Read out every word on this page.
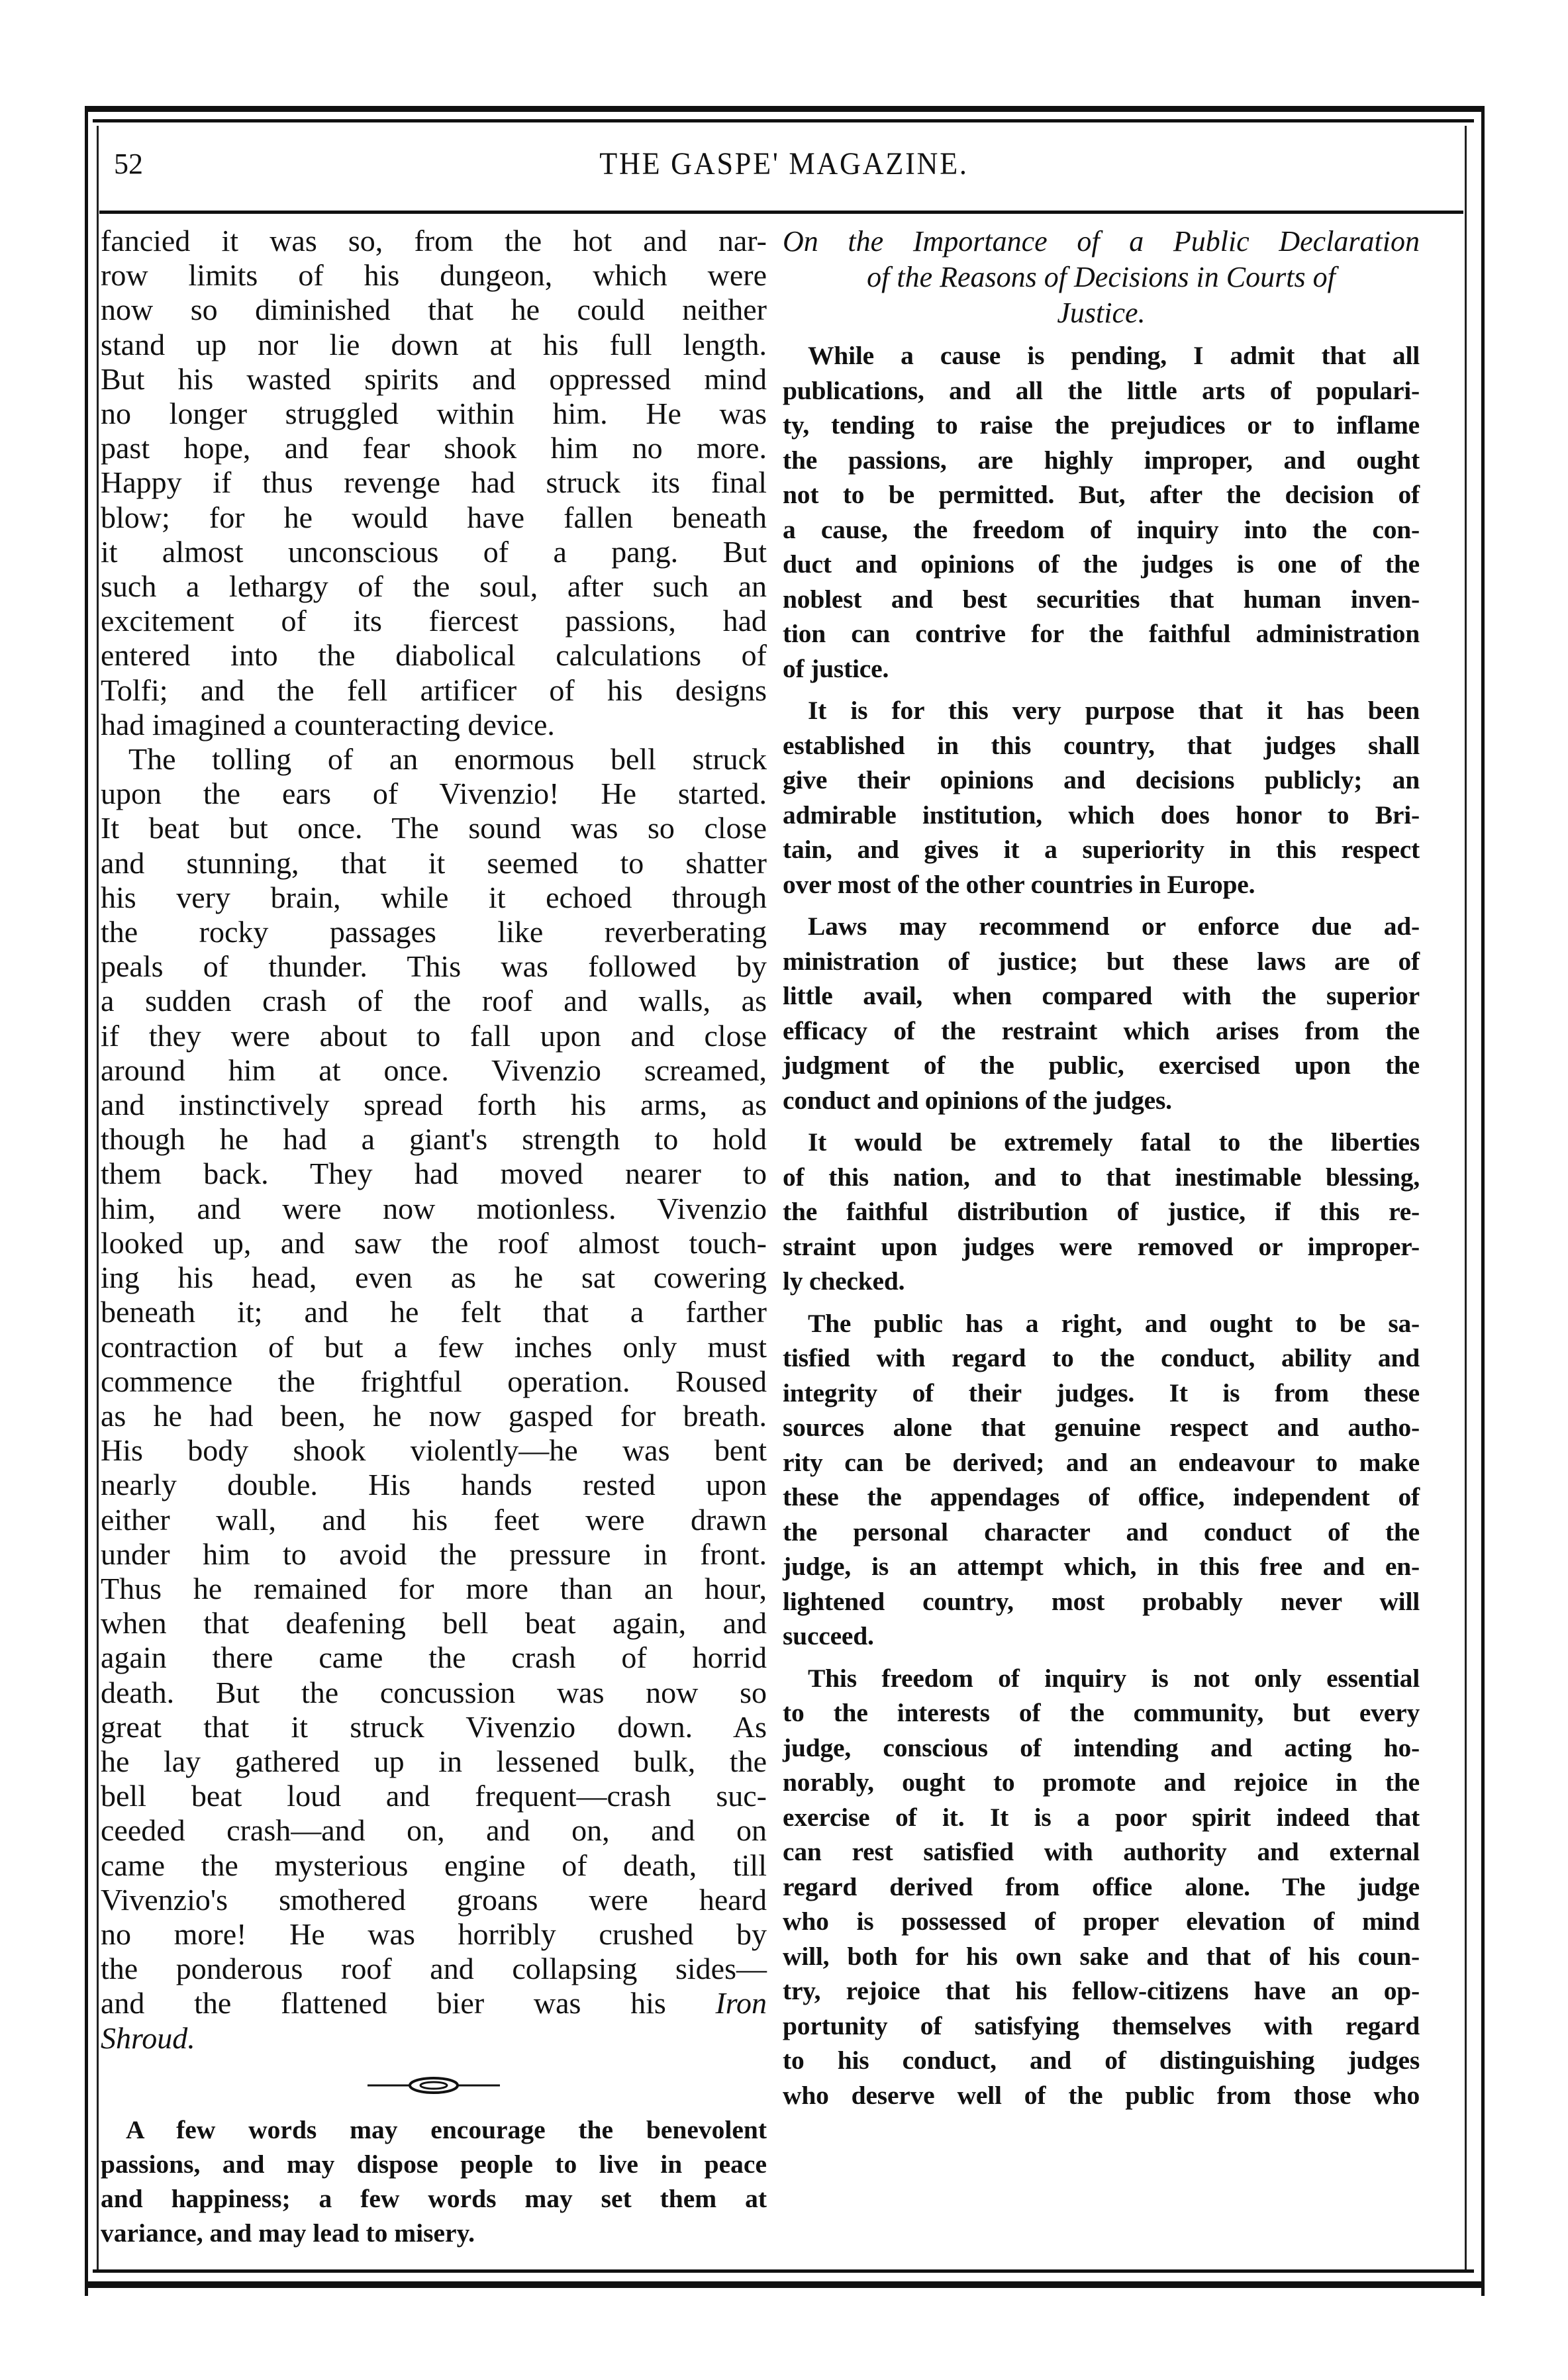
52	THE GASPE' MAGAZINE.
fancied it was so, from the hot and nar-
row limits of his dungeon, which were
now so diminished that he could neither
stand up nor lie down at his full length.
But his wasted spirits and oppressed mind
no longer struggled within him. He was
past hope, and fear shook him no more.
Happy if thus revenge had struck its final
blow; for he would have fallen beneath
it almost unconscious of a pang. But
such a lethargy of the soul, after such an
excitement of its fiercest passions, had
entered into the diabolical calculations of
Tolfi; and the fell artificer of his designs
had imagined a counteracting device.
The tolling of an enormous bell struck
upon the ears of Vivenzio! He started.
It beat but once. The sound was so close
and stunning, that it seemed to shatter
his very brain, while it echoed through
the rocky passages like reverberating
peals of thunder. This was followed by
a sudden crash of the roof and walls, as
if they were about to fall upon and close
around him at once. Vivenzio screamed,
and instinctively spread forth his arms, as
though he had a giant's strength to hold
them back. They had moved nearer to
him, and were now motionless. Vivenzio
looked up, and saw the roof almost touch-
ing his head, even as he sat cowering
beneath it; and he felt that a farther
contraction of but a few inches only must
commence the frightful operation. Roused
as he had been, he now gasped for breath.
His body shook violently—he was bent
nearly double. His hands rested upon
either wall, and his feet were drawn
under him to avoid the pressure in front.
Thus he remained for more than an hour,
when that deafening bell beat again, and
again there came the crash of horrid
death. But the concussion was now so
great that it struck Vivenzio down. As
he lay gathered up in lessened bulk, the
bell beat loud and frequent—crash suc-
ceeded crash—and on, and on, and on
came the mysterious engine of death, till
Vivenzio's smothered groans were heard
no more! He was horribly crushed by
the ponderous roof and collapsing sides—
and the flattened bier was his Iron
Shroud.
A few words may encourage the benevolent
passions, and may dispose people to live in peace
and happiness; a few words may set them at
variance, and may lead to misery.
On the Importance of a Public Declaration
of the Reasons of Decisions in Courts of
Justice.
While a cause is pending, I admit that all
publications, and all the little arts of populari-
ty, tending to raise the prejudices or to inflame
the passions, are highly improper, and ought
not to be permitted. But, after the decision of
a cause, the freedom of inquiry into the con-
duct and opinions of the judges is one of the
noblest and best securities that human inven-
tion can contrive for the faithful administration
of justice.
It is for this very purpose that it has been
established in this country, that judges shall
give their opinions and decisions publicly; an
admirable institution, which does honor to Bri-
tain, and gives it a superiority in this respect
over most of the other countries in Europe.
Laws may recommend or enforce due ad-
ministration of justice; but these laws are of
little avail, when compared with the superior
efficacy of the restraint which arises from the
judgment of the public, exercised upon the
conduct and opinions of the judges.
It would be extremely fatal to the liberties
of this nation, and to that inestimable blessing,
the faithful distribution of justice, if this re-
straint upon judges were removed or improper-
ly checked.
The public has a right, and ought to be sa-
tisfied with regard to the conduct, ability and
integrity of their judges. It is from these
sources alone that genuine respect and autho-
rity can be derived; and an endeavour to make
these the appendages of office, independent of
the personal character and conduct of the
judge, is an attempt which, in this free and en-
lightened country, most probably never will
succeed.
This freedom of inquiry is not only essential
to the interests of the community, but every
judge, conscious of intending and acting ho-
norably, ought to promote and rejoice in the
exercise of it. It is a poor spirit indeed that
can rest satisfied with authority and external
regard derived from office alone. The judge
who is possessed of proper elevation of mind
will, both for his own sake and that of his coun-
try, rejoice that his fellow-citizens have an op-
portunity of satisfying themselves with regard
to his conduct, and of distinguishing judges
who deserve well of the public from those who
